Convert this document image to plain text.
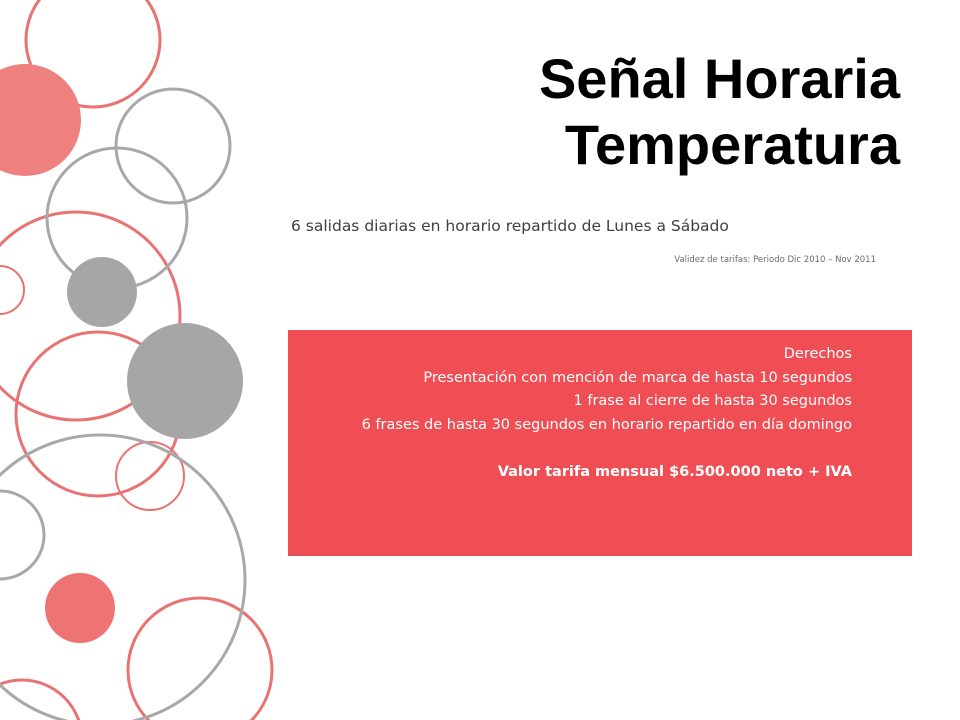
Señal Horaria
Temperatura
6 salidas diarias en horario repartido de Lunes a Sábado
Validez de tarifas: Periodo Dic 2010 – Nov 2011
Derechos
Presentación con mención de marca de hasta 10 segundos
1 frase al cierre de hasta 30 segundos
6 frases de hasta 30 segundos en horario repartido en día domingo
Valor tarifa mensual $6.500.000 neto + IVA
